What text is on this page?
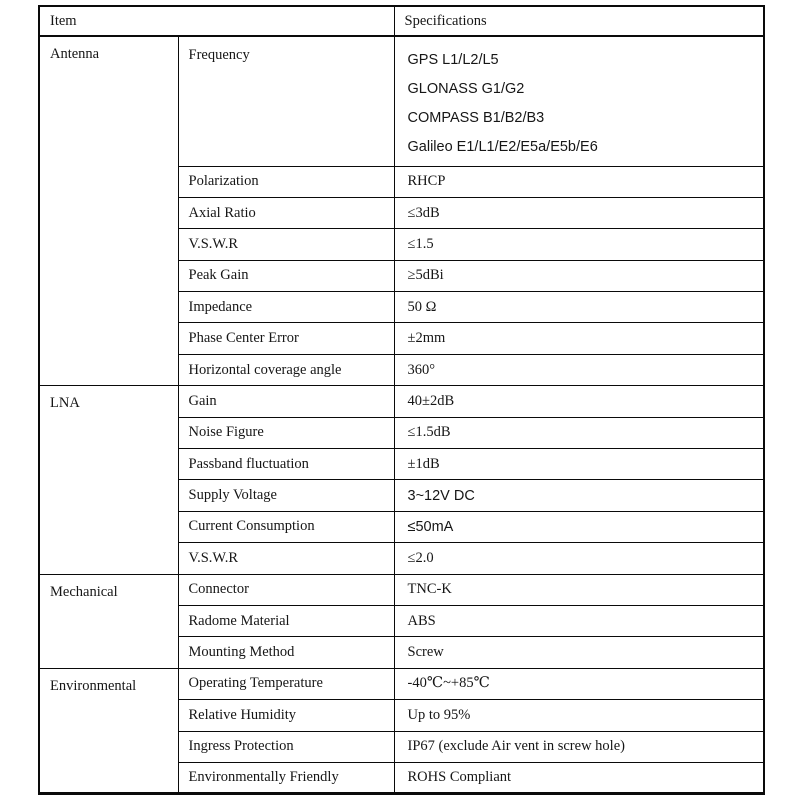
Item		Specifications
Antenna	Frequency	GPS L1/L2/L5
GLONASS G1/G2
COMPASS B1/B2/B3
Galileo E1/L1/E2/E5a/E5b/E6

	Polarization	RHCP

	Axial Ratio	≤3dB

	V.S.W.R	≤1.5

	Peak Gain	≥5dBi

	Impedance	50 Ω

	Phase Center Error	±2mm

	Horizontal coverage angle	360°

LNA	Gain	40±2dB

	Noise Figure	≤1.5dB

	Passband fluctuation	±1dB

	Supply Voltage	3~12V DC

	Current Consumption	≤50mA

	V.S.W.R	≤2.0

Mechanical	Connector	TNC-K

	Radome Material	ABS

	Mounting Method	Screw

Environmental	Operating Temperature	-40℃~+85℃

	Relative Humidity	Up to 95%

	Ingress Protection	IP67 (exclude Air vent in screw hole)

	Environmentally Friendly	ROHS Compliant
